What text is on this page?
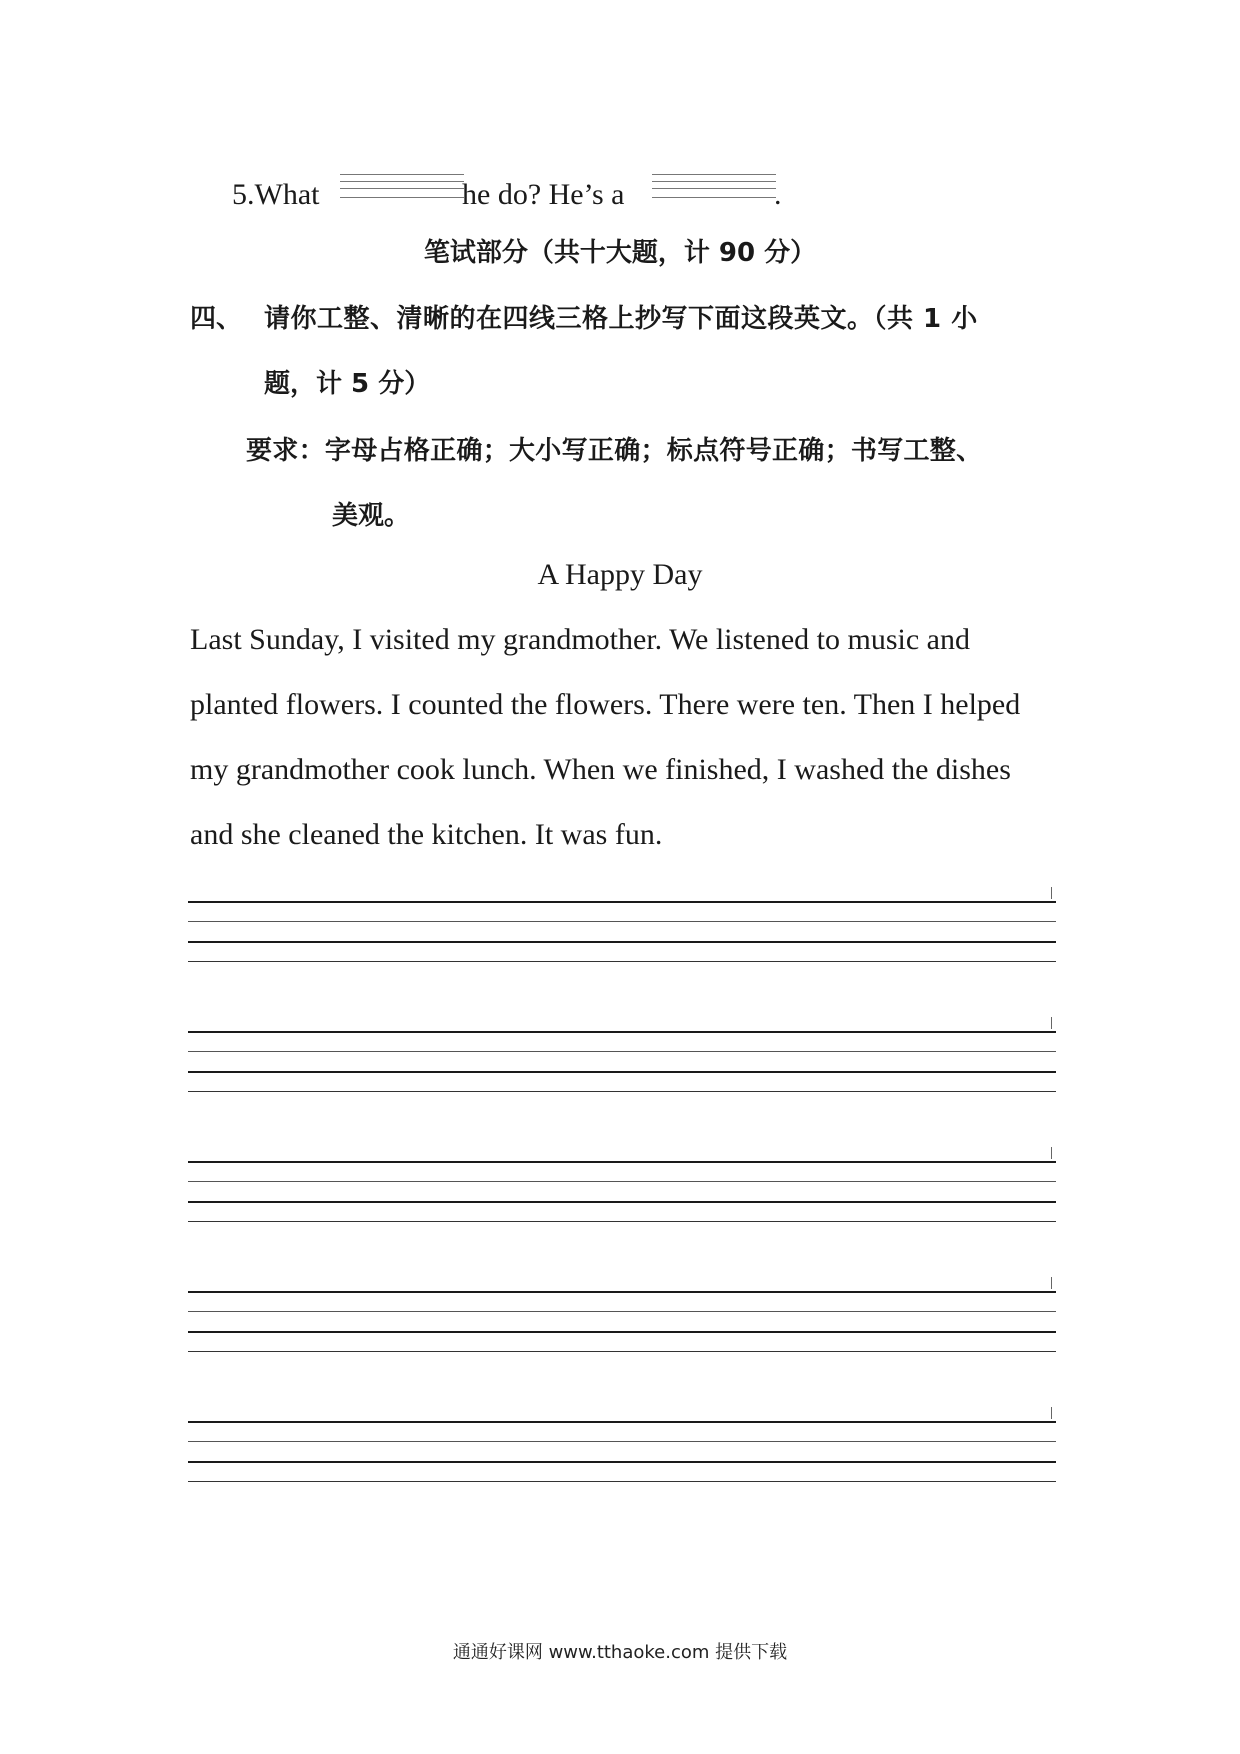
5.What	he do? He’s a	.
笔试部分（共十大题，计 90 分）
四、 请你工整、清晰的在四线三格上抄写下面这段英文。（共 1 小
题，计 5 分）
要求：字母占格正确；大小写正确；标点符号正确；书写工整、
美观。
A Happy Day
Last Sunday, I visited my grandmother. We listened to music and
planted flowers. I counted the flowers. There were ten. Then I helped
my grandmother cook lunch. When we finished, I washed the dishes
and she cleaned the kitchen. It was fun.
通通好课网 www.tthaoke.com 提供下载
